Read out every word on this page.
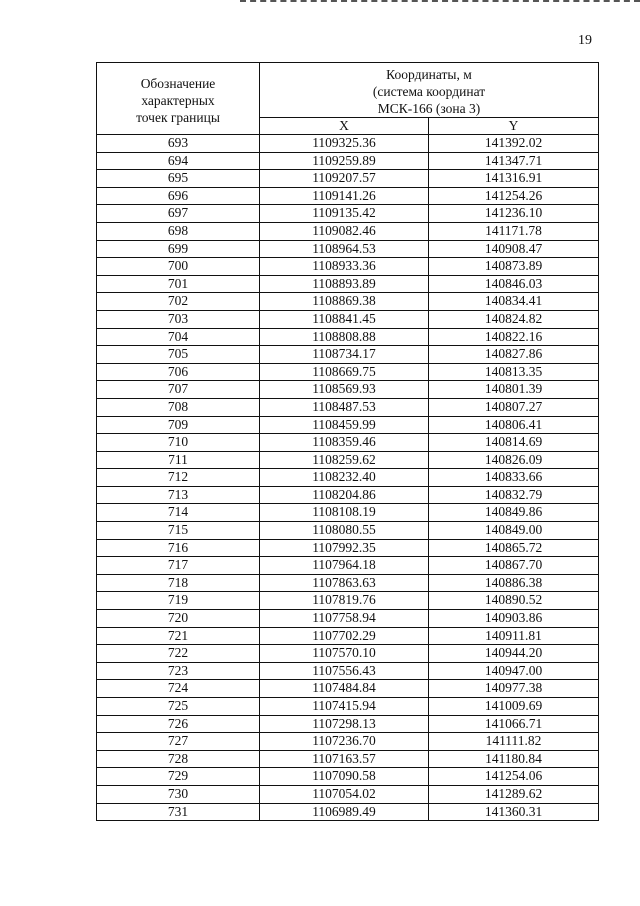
19
Обозначение
характерных
точек границы	Координаты, м
(система координат
МСК-166 (зона 3)	

	X	Y
693	1109325.36	141392.02
694	1109259.89	141347.71
695	1109207.57	141316.91
696	1109141.26	141254.26
697	1109135.42	141236.10
698	1109082.46	141171.78
699	1108964.53	140908.47
700	1108933.36	140873.89
701	1108893.89	140846.03
702	1108869.38	140834.41
703	1108841.45	140824.82
704	1108808.88	140822.16
705	1108734.17	140827.86
706	1108669.75	140813.35
707	1108569.93	140801.39
708	1108487.53	140807.27
709	1108459.99	140806.41
710	1108359.46	140814.69
711	1108259.62	140826.09
712	1108232.40	140833.66
713	1108204.86	140832.79
714	1108108.19	140849.86
715	1108080.55	140849.00
716	1107992.35	140865.72
717	1107964.18	140867.70
718	1107863.63	140886.38
719	1107819.76	140890.52
720	1107758.94	140903.86
721	1107702.29	140911.81
722	1107570.10	140944.20
723	1107556.43	140947.00
724	1107484.84	140977.38
725	1107415.94	141009.69
726	1107298.13	141066.71
727	1107236.70	141111.82
728	1107163.57	141180.84
729	1107090.58	141254.06
730	1107054.02	141289.62
731	1106989.49	141360.31
